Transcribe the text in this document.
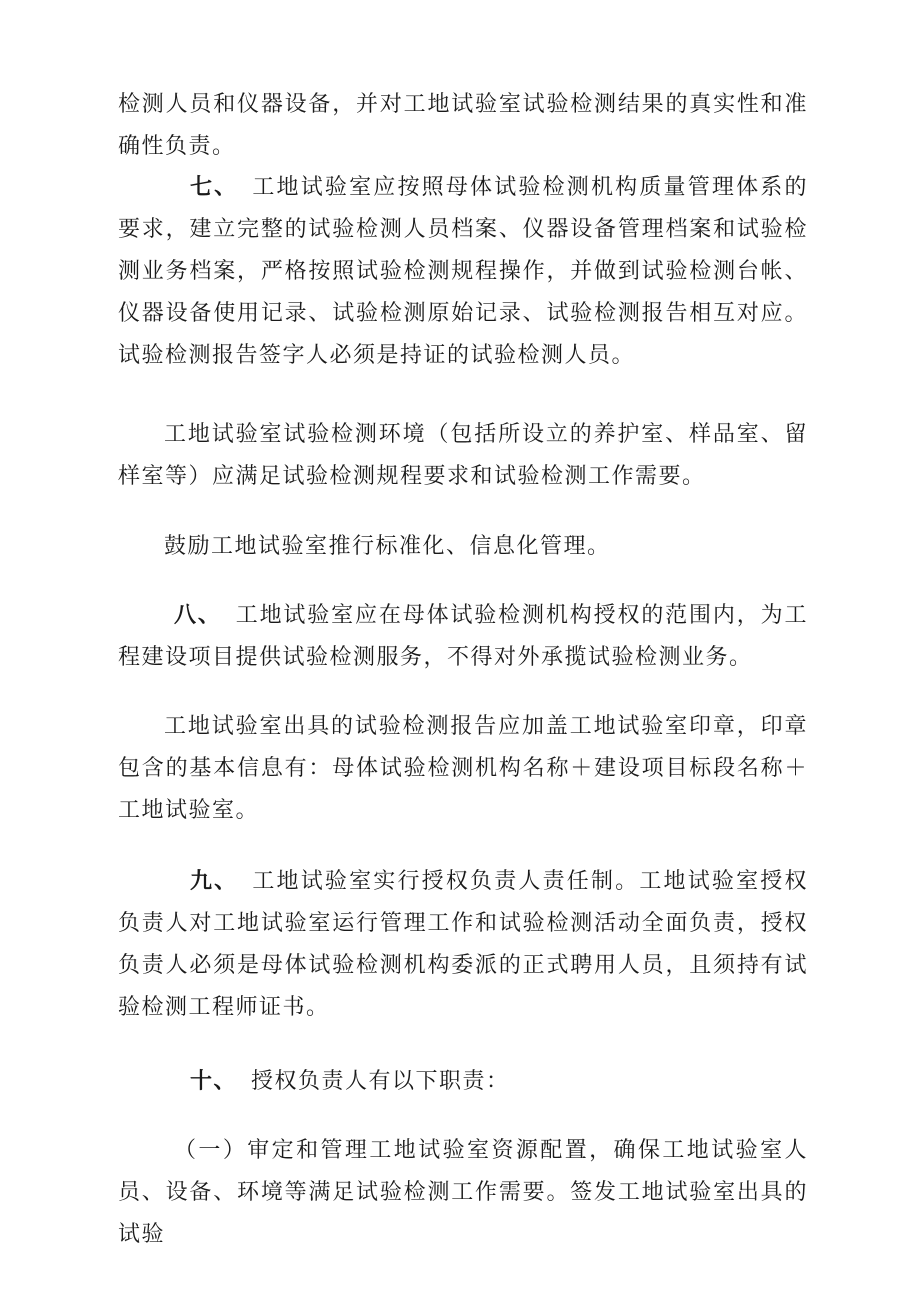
检测人员和仪器设备，并对工地试验室试验检测结果的真实性和准确性负责。

七、 工地试验室应按照母体试验检测机构质量管理体系的要求，建立完整的试验检测人员档案、仪器设备管理档案和试验检测业务档案，严格按照试验检测规程操作，并做到试验检测台帐、仪器设备使用记录、试验检测原始记录、试验检测报告相互对应。试验检测报告签字人必须是持证的试验检测人员。

工地试验室试验检测环境（包括所设立的养护室、样品室、留样室等）应满足试验检测规程要求和试验检测工作需要。

鼓励工地试验室推行标准化、信息化管理。

八、 工地试验室应在母体试验检测机构授权的范围内，为工程建设项目提供试验检测服务，不得对外承揽试验检测业务。

工地试验室出具的试验检测报告应加盖工地试验室印章，印章包含的基本信息有：母体试验检测机构名称＋建设项目标段名称＋工地试验室。

九、 工地试验室实行授权负责人责任制。工地试验室授权负责人对工地试验室运行管理工作和试验检测活动全面负责，授权负责人必须是母体试验检测机构委派的正式聘用人员，且须持有试验检测工程师证书。

十、 授权负责人有以下职责：

（一）审定和管理工地试验室资源配置，确保工地试验室人员、设备、环境等满足试验检测工作需要。签发工地试验室出具的试验
